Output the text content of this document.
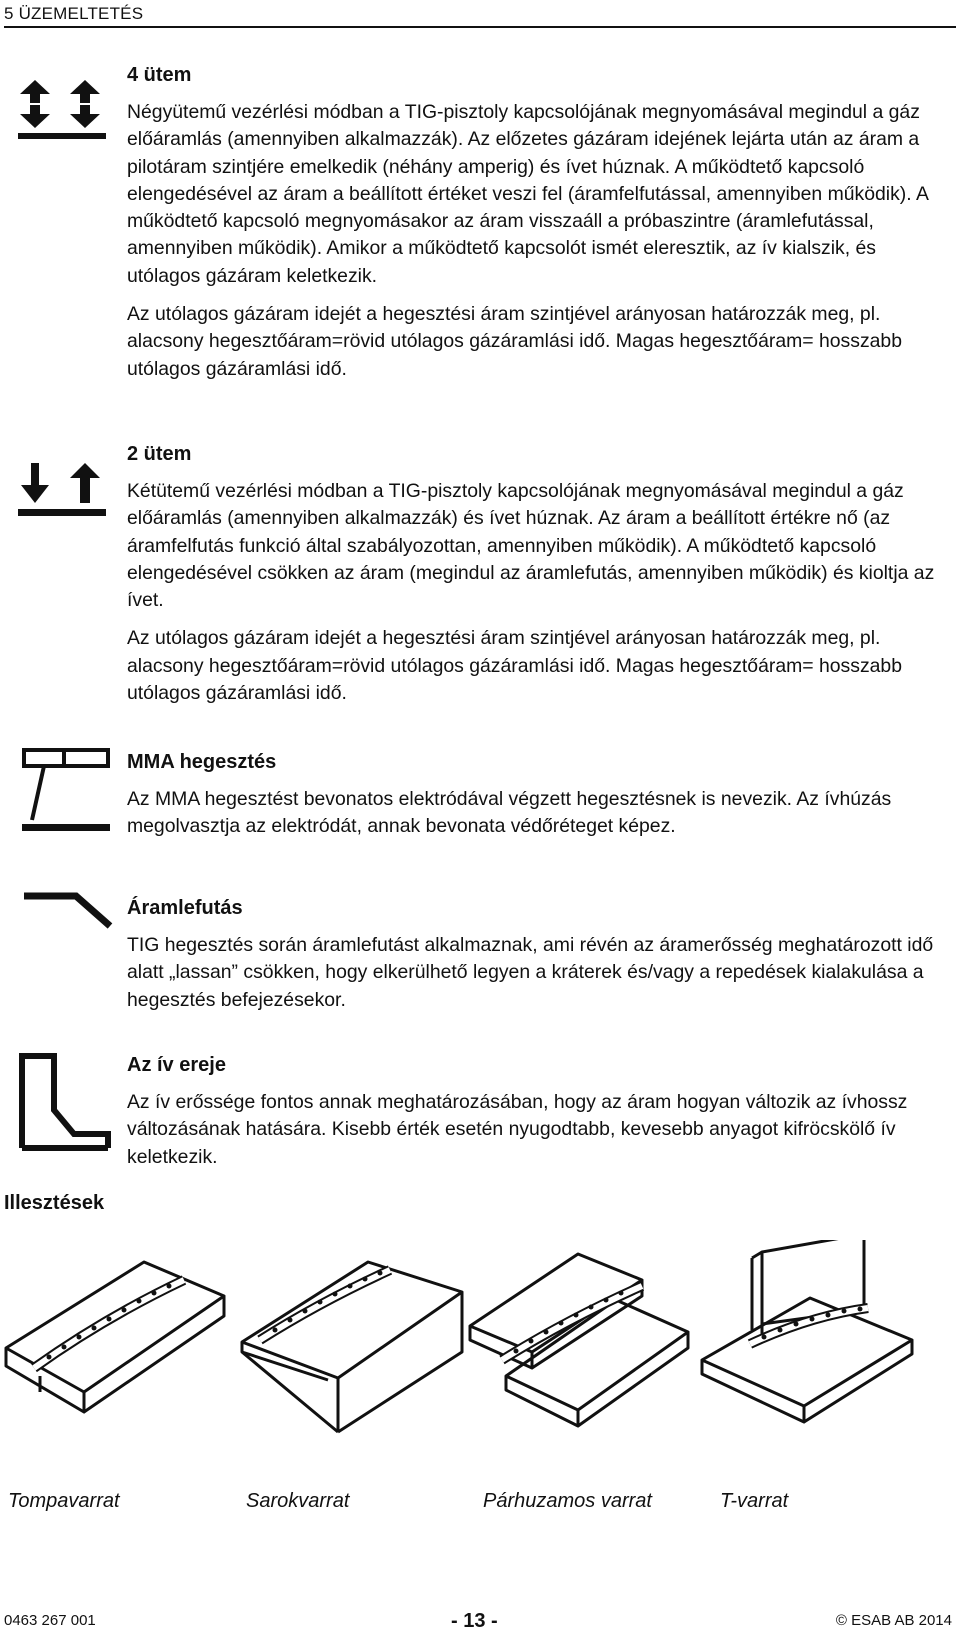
5 ÜZEMELTETÉS
4 ütem

Négyütemű vezérlési módban a TIG-pisztoly kapcsolójának megnyomásával megindul a gáz előáramlás (amennyiben alkalmazzák). Az előzetes gázáram idejének lejárta után az áram a pilotáram szintjére emelkedik (néhány amperig) és ívet húznak. A működtető kapcsoló elengedésével az áram a beállított értéket veszi fel (áramfelfutással, amennyiben működik). A működtető kapcsoló megnyomásakor az áram visszaáll a próbaszintre (áramlefutással, amennyiben működik). Amikor a működtető kapcsolót ismét eleresztik, az ív kialszik, és utólagos gázáram keletkezik.

Az utólagos gázáram idejét a hegesztési áram szintjével arányosan határozzák meg, pl. alacsony hegesztőáram=rövid utólagos gázáramlási idő. Magas hegesztőáram= hosszabb utólagos gázáramlási idő.

2 ütem

Kétütemű vezérlési módban a TIG-pisztoly kapcsolójának megnyomásával megindul a gáz előáramlás (amennyiben alkalmazzák) és ívet húznak. Az áram a beállított értékre nő (az áramfelfutás funkció által szabályozottan, amennyiben működik). A működtető kapcsoló elengedésével csökken az áram (megindul az áramlefutás, amennyiben működik) és kioltja az ívet.

Az utólagos gázáram idejét a hegesztési áram szintjével arányosan határozzák meg, pl. alacsony hegesztőáram=rövid utólagos gázáramlási idő. Magas hegesztőáram= hosszabb utólagos gázáramlási idő.

MMA hegesztés

Az MMA hegesztést bevonatos elektródával végzett hegesztésnek is nevezik. Az ívhúzás megolvasztja az elektródát, annak bevonata védőréteget képez.

Áramlefutás

TIG hegesztés során áramlefutást alkalmaznak, ami révén az áramerősség meghatározott idő alatt „lassan” csökken, hogy elkerülhető legyen a kráterek és/vagy a repedések kialakulása a hegesztés befejezésekor.

Az ív ereje

Az ív erőssége fontos annak meghatározásában, hogy az áram hogyan változik az ívhossz változásának hatására. Kisebb érték esetén nyugodtabb, kevesebb anyagot kifröcskölő ív keletkezik.

Illesztések
Tompavarrat	Sarokvarrat	Párhuzamos varrat	T-varrat
0463 267 001	- 13 -	© ESAB AB 2014
